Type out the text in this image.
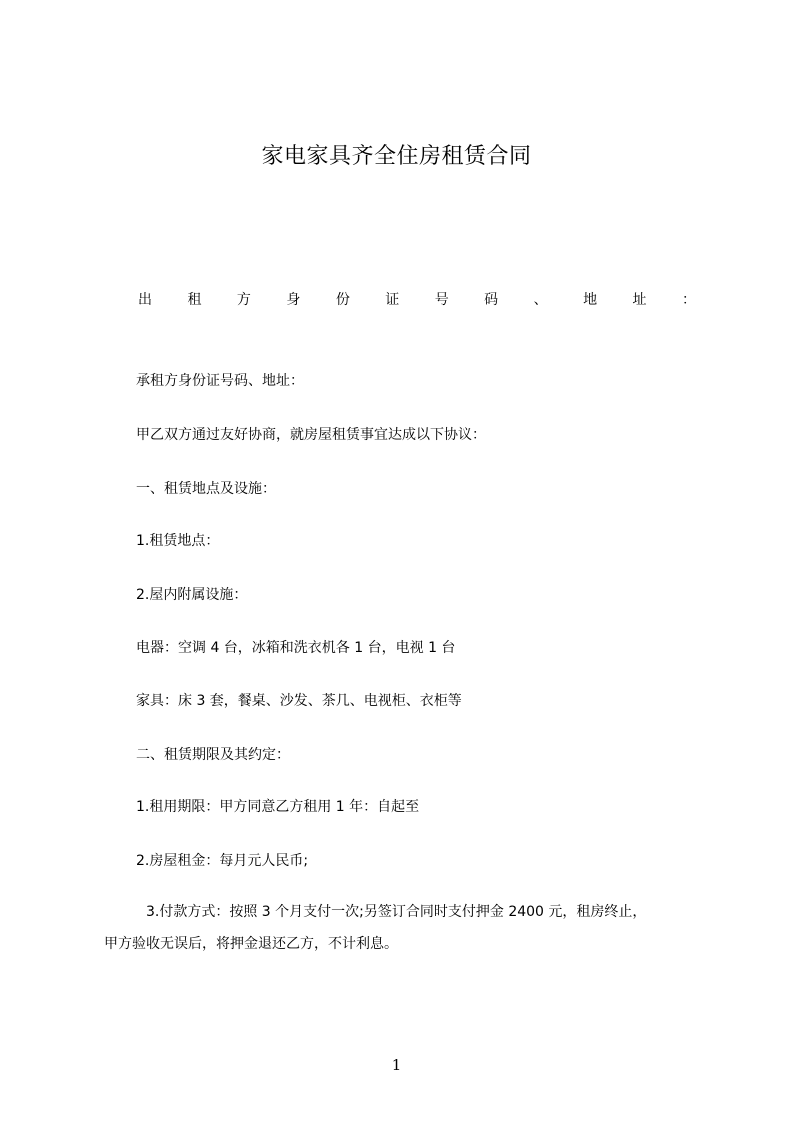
家电家具齐全住房租赁合同
出	租	方	身	份	证	号	码	、	地	址	：
承租方身份证号码、地址：
甲乙双方通过友好协商，就房屋租赁事宜达成以下协议：
一、租赁地点及设施：
1.租赁地点：
2.屋内附属设施：
电器：空调 4 台，冰箱和洗衣机各 1 台，电视 1 台
家具：床 3 套，餐桌、沙发、茶几、电视柜、衣柜等
二、租赁期限及其约定：
1.租用期限：甲方同意乙方租用 1 年：自起至
2.房屋租金：每月元人民币;
3.付款方式：按照 3 个月支付一次;另签订合同时支付押金 2400 元，租房终止，
甲方验收无误后，将押金退还乙方，不计利息。
1
